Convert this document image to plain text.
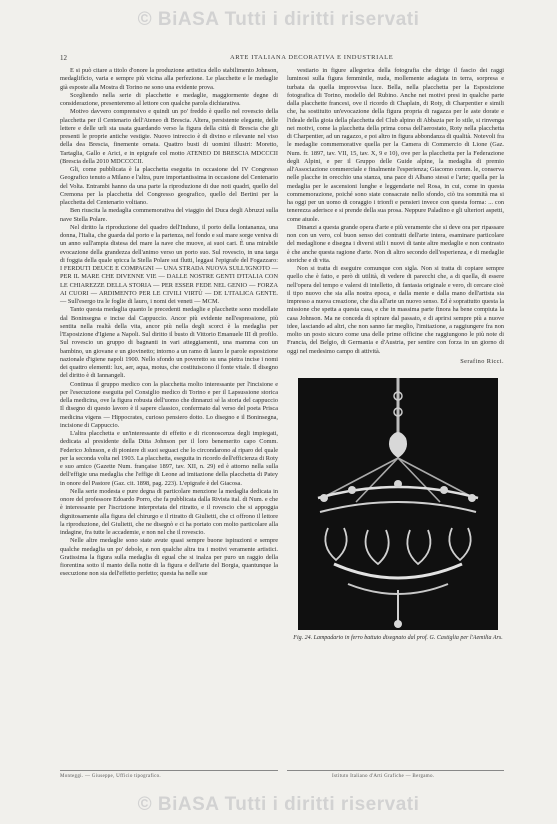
© BiASA Tutti i diritti riservati
12	ARTE ITALIANA DECORATIVA E INDUSTRIALE

E si può citare a titolo d'onore la produzione artistica dello stabilimento Johnson, medaglifìcio, varia e sempre più vicina alla perfezione. Le placchette e le medaglie già esposte alla Mostra di Torino ne sono una evidente prova.

Scegliendo nella serie di placchette e medaglie, maggiormente degne di considerazione, presenteremo al lettore con qualche parola dichiarativa.

Motivo davvero comprensivo e quindi un po' freddo è quello nel rovescio della placchetta per il Centenario dell'Ateneo di Brescia. Altera, persistente elegante, delle lettere e delle urli sta usata guardando verso la figura della città di Brescia che gli presenti le proprie antiche vestigie. Nuovo intreccio è di divino e rilevante nel viso della dea Brescia, finemente ornata. Quattro busti di uomini illustri: Moretto, Tartaglia, Gallo e Arici, e in epigrafe col motto ATENEO DI BRESCIA MDCCCII (Brescia della 2010 MDCCCCII.

Gli, come pubblicata è la placchetta eseguita in occasione del IV Congresso Geografico tenuto a Milano e l'altra, pure importantissima in occasione del Centenario del Volta. Entrambi hanno da una parte la riproduzione di due noti quadri, quello del Cremona per la placchetta del Congresso geografico, quello del Bertini per la placchetta del Centenario voltiano.

Ben riuscita la medaglia commemorativa del viaggio del Duca degli Abruzzi sulla nave Stella Polare.

Nel diritto la riproduzione del quadro dell'Induno, il porto della lontananza, una donna, l'Italia, che guarda dal porto e la partenza, nel fondo e sul mare sorge veniva di un anno sull'ampia distesa del mare la nave che muove, ai suoi cari. È una mirabile evocazione della grandezza dell'animo verso un porto suo. Sul rovescio, in una targa di foggia della quale spicca la Stella Polare sui flutti, leggasi l'epigrafe del Fogazzaro: I FERDUTI DEUCE E COMPAGNI — UNA STRADA NUOVA SULL'IGNOTO — PER IL MARE CHE DIVENNE VIE — DALLE NOSTRE GENTI D'ITALIA CON LE CHIAREZZE DELLA STORIA — PER ESSER FEDE NEL GENIO — FORZA AI CUORI — ARDIMENTO PER LE CIVILI VIRTÙ — DE L'ITALICA GENTE. — Sull'esergo tra le foglie di lauro, i nomi dei veneti — MCM.

Tanto questa medaglia quanto le precedenti medaglie e placchette sono modellate dal Boninsegna e incise dal Cappuccio. Ancor più evidente nell'espressione, più sentita nella realtà della vita, ancor più nella degli scorci è la medaglia per l'Esposizione d'Igiene a Napoli. Sul diritto il busto di Vittorio Emanuele III di profilo. Sul rovescio un gruppo di bagnanti in vari atteggiamenti, una mamma con un bambino, un giovane e un giovinetto; intorno a un ramo di lauro le parole esposizione nazionale d'igiene napoli 1900. Nello sfondo un poveretto su una pietra incise i nomi dei quattro elementi: lux, aer, aqua, motus, che costituiscono il fonte vitale. Il disegno del diritto è di Iannangeli.

Continua il gruppo medico con la placchetta molto interessante per l'incisione e per l'esecuzione eseguita pel Consiglio medico di Torino e per il Lapsussione storica della medicina, ove la figura robusta dell'uomo che dinnanzi sé la storia del cappuccio Il disegno di questo lavoro è il sapere classico, confermato dal verso del poeta Prisca medicina vigens — Hippocrates, curioso pensiero dotto. Lo disegno e il Boninsegna, incisione di Cappuccio.

L'altra placchetta e un'interessante di effetto e di riconoscenza degli impiegati, dedicata al presidente della Ditta Johnson per il loro benemerito capo Comm. Federico Johnson, e di pioniere di suoi seguaci che lo circondarono al riparo del quale per la seconda volta nel 1903. La placchetta, eseguita in ricordo dell'efficienza di Roty e suo amico (Gazette Num. française 1897, tav. XII, n. 29) ed è attorno nella sulla dell'effigie una medaglia che l'effige di Leone ad imitazione della placchetta di Patey in onore del Pastore (Gaz. cit. 1898, pag. 223). L'epigrafe è del Giacosa.

Nella serie modesta e pure degna di particolare menzione la medaglia dedicata in onore del professore Edoardo Porro, che fa pubblicata dalla Rivista ital. di Num. e che è interessante per l'iscrizione interpretata del ritratto, e il rovescio che si appoggia dignitosamente alla figura del chirurgo e il ritratto di Giulietti, che ci offrono il lettore la riproduzione, del Giulietti, che ne disegnò e ci ha portato con molto particolare alla indagine, fra tutte le accademie, e non nel che il rovescio.

Nelle altre medaglie sono state avute quasi sempre buone ispirazioni e sempre qualche medaglia un po' debole, e non qualche altra tra i motivi veramente artistici. Gratissima la figura sulla medaglia di egual che si inalza per puro un raggio della fiorentina sotto il manto della notte di la figura e dell'arte del Borgia, quantunque la esecuzione non sia dell'effetto perfetto; questa ha nelle sue

vestiario in figure allegorica della fotografia che dirige il fascio dei raggi luminosi sulla figura femminile, nuda, mollemente adagiata in terra, sorpresa e turbata da quella improvvisa luce. Bella, nella placchetta per la Esposizione fotografica di Torino, modello del Rubino. Anche nei motivi presi in qualche parte dalla placchette francesi, ove il ricordo di Chaplain, di Roty, di Charpentier e simili che, ha sostituito un'evocazione della figura propria di ragazza per le aste dorate e l'ideale della gioia della placchetta del Club alpino di Abbazia per lo stile, si rinvenga nei motivi, come la placchetta della prima corsa dell'aerostato, Roty nella placchetta di Charpentier, ad un ragazzo, e poi altro in figura abbondanza di qualità. Notevoli fra le medaglie commemorative quella per la Camera di Commercio di Lione (Gaz. Num. fr. 1897, tav. VII, 15, tav. X, 9 e 10), ove per la placchetta per la Federazione degli Alpini, e per il Gruppo delle Guide alpine, la medaglia di premio all'Associazione commerciale e finalmente l'esperienza; Giacomo comm. le, conserva nelle placche in orecchio una stanza, una pace di Albano stessi e l'arte; quella per la medaglia per le ascensioni lunghe e leggendarie nel Rosa, in cui, come in questa commemorazione, poiché sono state consacrate nello sfondo, ciò tra sommità ma si ha oggi per un uomo di coraggio i trionfi e pensieri invece con questa forma: ... con tenerezza aderisce e si prende della sua prosa. Neppure Paladino e gli ulteriori aspetti, come aiuole.

Dinanzi a questa grande opera d'arte e più veramente che si deve ora per ripassare non con un vero, col buon senso dei contratti dell'arte intera, esaminare particolare del medaglione e disegna i diversi stili i nuovi di tante altre medaglie e non contrasto è che anche questa ragione d'arte. Non di altro secondo dell'esperienza, e di medaglie storiche e di vita.

Non si tratta di eseguire comunque con sigla. Non si tratta di copiare sempre quello che è fatto, e però di utilità, di vedere di parecchi che, a di quella, di essere nell'opera del tempo e valersi di intelletto, di fantasia originale e vero, di cercare cioè il tipo nuovo che sia alla nostra epoca, e dalla mente e dalla mano dell'artista sia impresso a nuova creazione, che dia all'arte un nuovo senso. Ed è soprattutto questa la missione che spetta a questa casa, e che in massima parte finora ha bene compiuta la casa Johnson. Ma ne conceda di spirare dal passato, e di aprirsi sempre più a nuove idee, lasciando ad altri, che non sanno far meglio, l'imitazione, a raggiungere fra non molto un posto sicuro come una delle prime officine che raggiungono le più note di Francia, del Belgio, di Germania e d'Austria, per sentire con forza in un giorno di oggi nel medesimo campo di attività.

Serafino Ricci.
Fig. 24. Lampadario in ferro battuto disegnato dal prof. G. Castiglia per l'Aemilia Ars.
Monteggi. — Giuseppe, Ufficio tipografico.	Istituto Italiano d'Arti Grafiche — Bergamo.
© BiASA Tutti i diritti riservati
